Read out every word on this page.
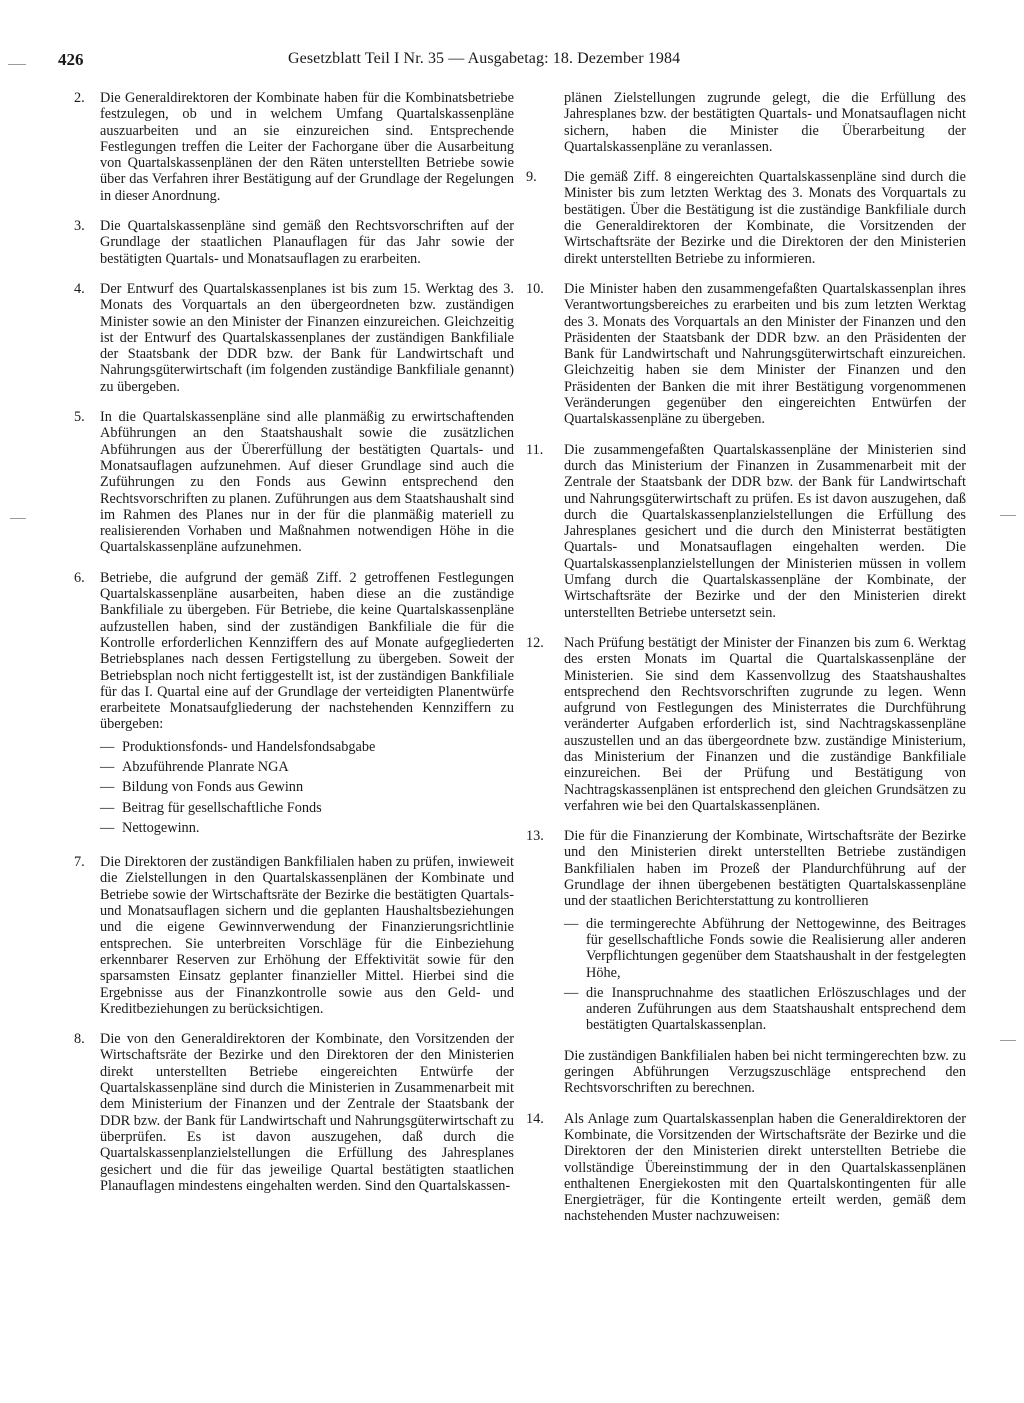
426	Gesetzblatt Teil I Nr. 35 — Ausgabetag: 18. Dezember 1984
2.	Die Generaldirektoren der Kombinate haben für die Kombinatsbetriebe festzulegen, ob und in welchem Umfang Quartalskassenpläne auszuarbeiten und an sie einzureichen sind. Entsprechende Festlegungen treffen die Leiter der Fachorgane über die Ausarbeitung von Quartalskassenplänen der den Räten unterstellten Betriebe sowie über das Verfahren ihrer Bestätigung auf der Grundlage der Regelungen in dieser Anordnung.
3.	Die Quartalskassenpläne sind gemäß den Rechtsvorschriften auf der Grundlage der staatlichen Planauflagen für das Jahr sowie der bestätigten Quartals- und Monatsauflagen zu erarbeiten.
4.	Der Entwurf des Quartalskassenplanes ist bis zum 15. Werktag des 3. Monats des Vorquartals an den übergeordneten bzw. zuständigen Minister sowie an den Minister der Finanzen einzureichen. Gleichzeitig ist der Entwurf des Quartalskassenplanes der zuständigen Bankfiliale der Staatsbank der DDR bzw. der Bank für Landwirtschaft und Nahrungsgüterwirtschaft (im folgenden zuständige Bankfiliale genannt) zu übergeben.
5.	In die Quartalskassenpläne sind alle planmäßig zu erwirtschaftenden Abführungen an den Staatshaushalt sowie die zusätzlichen Abführungen aus der Übererfüllung der bestätigten Quartals- und Monatsauflagen aufzunehmen. Auf dieser Grundlage sind auch die Zuführungen zu den Fonds aus Gewinn entsprechend den Rechtsvorschriften zu planen. Zuführungen aus dem Staatshaushalt sind im Rahmen des Planes nur in der für die planmäßig materiell zu realisierenden Vorhaben und Maßnahmen notwendigen Höhe in die Quartalskassenpläne aufzunehmen.
6.	Betriebe, die aufgrund der gemäß Ziff. 2 getroffenen Festlegungen Quartalskassenpläne ausarbeiten, haben diese an die zuständige Bankfiliale zu übergeben. Für Betriebe, die keine Quartalskassenpläne aufzustellen haben, sind der zuständigen Bankfiliale die für die Kontrolle erforderlichen Kennziffern des auf Monate aufgegliederten Betriebsplanes nach dessen Fertigstellung zu übergeben. Soweit der Betriebsplan noch nicht fertiggestellt ist, ist der zuständigen Bankfiliale für das I. Quartal eine auf der Grundlage der verteidigten Planentwürfe erarbeitete Monatsaufgliederung der nachstehenden Kennziffern zu übergeben:
— Produktionsfonds- und Handelsfondsabgabe
— Abzuführende Planrate NGA
— Bildung von Fonds aus Gewinn
— Beitrag für gesellschaftliche Fonds
— Nettogewinn.
7.	Die Direktoren der zuständigen Bankfilialen haben zu prüfen, inwieweit die Zielstellungen in den Quartalskassenplänen der Kombinate und Betriebe sowie der Wirtschaftsräte der Bezirke die bestätigten Quartals- und Monatsauflagen sichern und die geplanten Haushaltsbeziehungen und die eigene Gewinnverwendung der Finanzierungsrichtlinie entsprechen. Sie unterbreiten Vorschläge für die Einbeziehung erkennbarer Reserven zur Erhöhung der Effektivität sowie für den sparsamsten Einsatz geplanter finanzieller Mittel. Hierbei sind die Ergebnisse aus der Finanzkontrolle sowie aus den Geld- und Kreditbeziehungen zu berücksichtigen.
8.	Die von den Generaldirektoren der Kombinate, den Vorsitzenden der Wirtschaftsräte der Bezirke und den Direktoren der den Ministerien direkt unterstellten Betriebe eingereichten Entwürfe der Quartalskassenpläne sind durch die Ministerien in Zusammenarbeit mit dem Ministerium der Finanzen und der Zentrale der Staatsbank der DDR bzw. der Bank für Landwirtschaft und Nahrungsgüterwirtschaft zu überprüfen. Es ist davon auszugehen, daß durch die Quartalskassenplanzielstellungen die Erfüllung des Jahresplanes gesichert und die für das jeweilige Quartal bestätigten staatlichen Planauflagen mindestens eingehalten werden. Sind den Quartalskassen-
plänen Zielstellungen zugrunde gelegt, die die Erfüllung des Jahresplanes bzw. der bestätigten Quartals- und Monatsauflagen nicht sichern, haben die Minister die Überarbeitung der Quartalskassenpläne zu veranlassen.
9.	Die gemäß Ziff. 8 eingereichten Quartalskassenpläne sind durch die Minister bis zum letzten Werktag des 3. Monats des Vorquartals zu bestätigen. Über die Bestätigung ist die zuständige Bankfiliale durch die Generaldirektoren der Kombinate, die Vorsitzenden der Wirtschaftsräte der Bezirke und die Direktoren der den Ministerien direkt unterstellten Betriebe zu informieren.
10.	Die Minister haben den zusammengefaßten Quartalskassenplan ihres Verantwortungsbereiches zu erarbeiten und bis zum letzten Werktag des 3. Monats des Vorquartals an den Minister der Finanzen und den Präsidenten der Staatsbank der DDR bzw. an den Präsidenten der Bank für Landwirtschaft und Nahrungsgüterwirtschaft einzureichen. Gleichzeitig haben sie dem Minister der Finanzen und den Präsidenten der Banken die mit ihrer Bestätigung vorgenommenen Veränderungen gegenüber den eingereichten Entwürfen der Quartalskassenpläne zu übergeben.
11.	Die zusammengefaßten Quartalskassenpläne der Ministerien sind durch das Ministerium der Finanzen in Zusammenarbeit mit der Zentrale der Staatsbank der DDR bzw. der Bank für Landwirtschaft und Nahrungsgüterwirtschaft zu prüfen. Es ist davon auszugehen, daß durch die Quartalskassenplanzielstellungen die Erfüllung des Jahresplanes gesichert und die durch den Ministerrat bestätigten Quartals- und Monatsauflagen eingehalten werden. Die Quartalskassenplanzielstellungen der Ministerien müssen in vollem Umfang durch die Quartalskassenpläne der Kombinate, der Wirtschaftsräte der Bezirke und der den Ministerien direkt unterstellten Betriebe untersetzt sein.
12.	Nach Prüfung bestätigt der Minister der Finanzen bis zum 6. Werktag des ersten Monats im Quartal die Quartalskassenpläne der Ministerien. Sie sind dem Kassenvollzug des Staatshaushaltes entsprechend den Rechtsvorschriften zugrunde zu legen. Wenn aufgrund von Festlegungen des Ministerrates die Durchführung veränderter Aufgaben erforderlich ist, sind Nachtragskassenpläne auszustellen und an das übergeordnete bzw. zuständige Ministerium, das Ministerium der Finanzen und die zuständige Bankfiliale einzureichen. Bei der Prüfung und Bestätigung von Nachtragskassenplänen ist entsprechend den gleichen Grundsätzen zu verfahren wie bei den Quartalskassenplänen.
13.	Die für die Finanzierung der Kombinate, Wirtschaftsräte der Bezirke und den Ministerien direkt unterstellten Betriebe zuständigen Bankfilialen haben im Prozeß der Plandurchführung auf der Grundlage der ihnen übergebenen bestätigten Quartalskassenpläne und der staatlichen Berichterstattung zu kontrollieren
— die termingerechte Abführung der Nettogewinne, des Beitrages für gesellschaftliche Fonds sowie die Realisierung aller anderen Verpflichtungen gegenüber dem Staatshaushalt in der festgelegten Höhe,
— die Inanspruchnahme des staatlichen Erlöszuschlages und der anderen Zuführungen aus dem Staatshaushalt entsprechend dem bestätigten Quartalskassenplan.
Die zuständigen Bankfilialen haben bei nicht termingerechten bzw. zu geringen Abführungen Verzugszuschläge entsprechend den Rechtsvorschriften zu berechnen.
14.	Als Anlage zum Quartalskassenplan haben die Generaldirektoren der Kombinate, die Vorsitzenden der Wirtschaftsräte der Bezirke und die Direktoren der den Ministerien direkt unterstellten Betriebe die vollständige Übereinstimmung der in den Quartalskassenplänen enthaltenen Energiekosten mit den Quartalskontingenten für alle Energieträger, für die Kontingente erteilt werden, gemäß dem nachstehenden Muster nachzuweisen:
